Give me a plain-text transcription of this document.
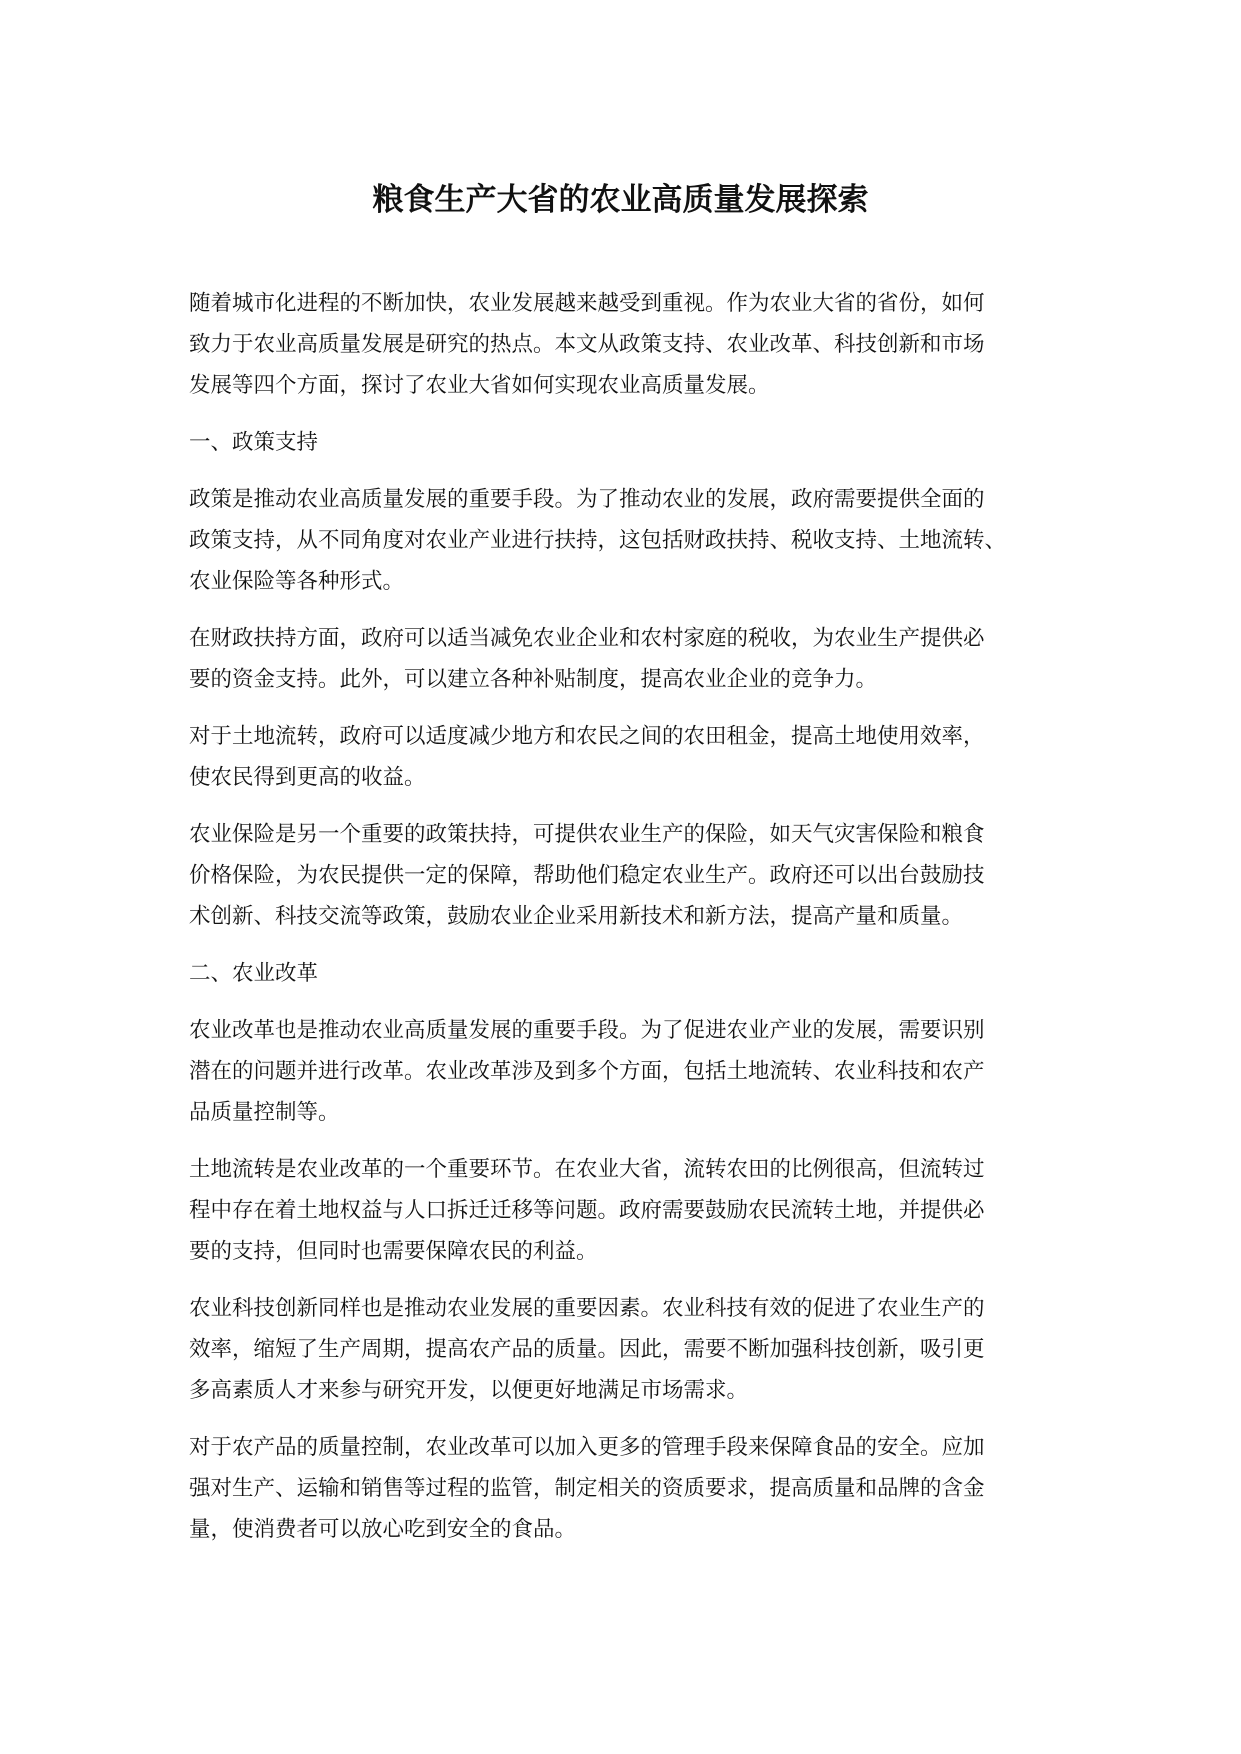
粮食生产大省的农业高质量发展探索

随着城市化进程的不断加快，农业发展越来越受到重视。作为农业大省的省份，如何
致力于农业高质量发展是研究的热点。本文从政策支持、农业改革、科技创新和市场
发展等四个方面，探讨了农业大省如何实现农业高质量发展。

一、政策支持

政策是推动农业高质量发展的重要手段。为了推动农业的发展，政府需要提供全面的
政策支持，从不同角度对农业产业进行扶持，这包括财政扶持、税收支持、土地流转、
农业保险等各种形式。

在财政扶持方面，政府可以适当减免农业企业和农村家庭的税收，为农业生产提供必
要的资金支持。此外，可以建立各种补贴制度，提高农业企业的竞争力。

对于土地流转，政府可以适度减少地方和农民之间的农田租金，提高土地使用效率，
使农民得到更高的收益。

农业保险是另一个重要的政策扶持，可提供农业生产的保险，如天气灾害保险和粮食
价格保险，为农民提供一定的保障，帮助他们稳定农业生产。政府还可以出台鼓励技
术创新、科技交流等政策，鼓励农业企业采用新技术和新方法，提高产量和质量。

二、农业改革

农业改革也是推动农业高质量发展的重要手段。为了促进农业产业的发展，需要识别
潜在的问题并进行改革。农业改革涉及到多个方面，包括土地流转、农业科技和农产
品质量控制等。

土地流转是农业改革的一个重要环节。在农业大省，流转农田的比例很高，但流转过
程中存在着土地权益与人口拆迁迁移等问题。政府需要鼓励农民流转土地，并提供必
要的支持，但同时也需要保障农民的利益。

农业科技创新同样也是推动农业发展的重要因素。农业科技有效的促进了农业生产的
效率，缩短了生产周期，提高农产品的质量。因此，需要不断加强科技创新，吸引更
多高素质人才来参与研究开发，以便更好地满足市场需求。

对于农产品的质量控制，农业改革可以加入更多的管理手段来保障食品的安全。应加
强对生产、运输和销售等过程的监管，制定相关的资质要求，提高质量和品牌的含金
量，使消费者可以放心吃到安全的食品。
